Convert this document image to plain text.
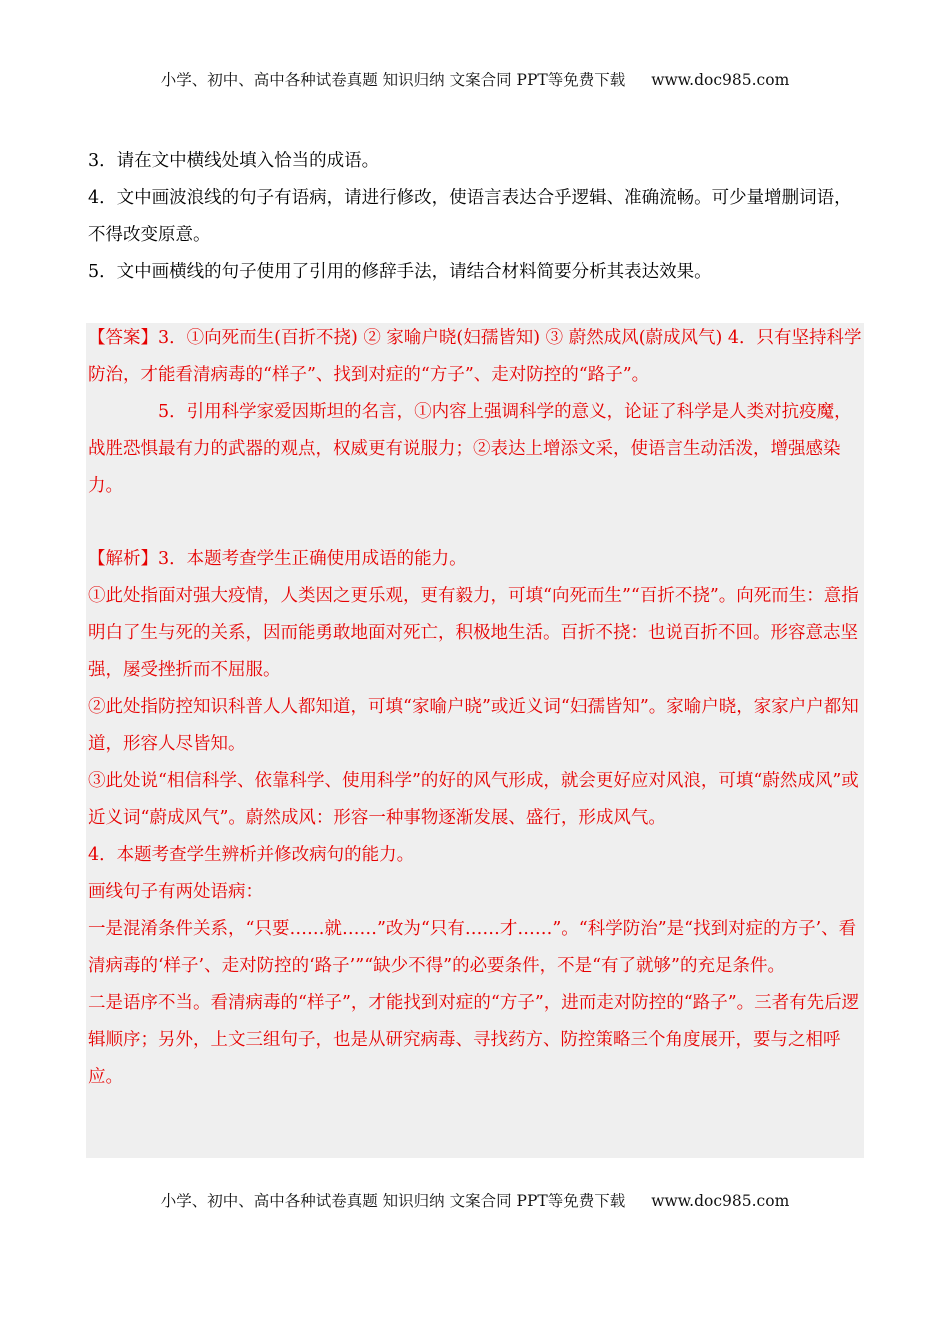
小学、初中、高中各种试卷真题 知识归纳 文案合同 PPT等免费下载 www.doc985.com

3．请在文中横线处填入恰当的成语。

4．文中画波浪线的句子有语病，请进行修改，使语言表达合乎逻辑、准确流畅。可少量增删词语，不得改变原意。

5．文中画横线的句子使用了引用的修辞手法，请结合材料简要分析其表达效果。

【答案】3．①向死而生(百折不挠) ② 家喻户晓(妇孺皆知) ③ 蔚然成风(蔚成风气) 4．只有坚持科学防治，才能看清病毒的“样子”、找到对症的“方子”、走对防控的“路子”。

5．引用科学家爱因斯坦的名言，①内容上强调科学的意义，论证了科学是人类对抗疫魔，战胜恐惧最有力的武器的观点，权威更有说服力；②表达上增添文采，使语言生动活泼，增强感染力。

【解析】3．本题考查学生正确使用成语的能力。

①此处指面对强大疫情，人类因之更乐观，更有毅力，可填“向死而生”“百折不挠”。向死而生：意指明白了生与死的关系，因而能勇敢地面对死亡，积极地生活。百折不挠：也说百折不回。形容意志坚强，屡受挫折而不屈服。

②此处指防控知识科普人人都知道，可填“家喻户晓”或近义词“妇孺皆知”。家喻户晓，家家户户都知道，形容人尽皆知。

③此处说“相信科学、依靠科学、使用科学”的好的风气形成，就会更好应对风浪，可填“蔚然成风”或近义词“蔚成风气”。蔚然成风：形容一种事物逐渐发展、盛行，形成风气。

4．本题考查学生辨析并修改病句的能力。

画线句子有两处语病：

一是混淆条件关系，“只要……就……”改为“只有……才……”。“科学防治”是“找到对症的方子’、看清病毒的‘样子’、走对防控的‘路子’”“缺少不得”的必要条件，不是“有了就够”的充足条件。

二是语序不当。看清病毒的“样子”，才能找到对症的“方子”，进而走对防控的“路子”。三者有先后逻辑顺序；另外，上文三组句子，也是从研究病毒、寻找药方、防控策略三个角度展开，要与之相呼应。

小学、初中、高中各种试卷真题 知识归纳 文案合同 PPT等免费下载 www.doc985.com
